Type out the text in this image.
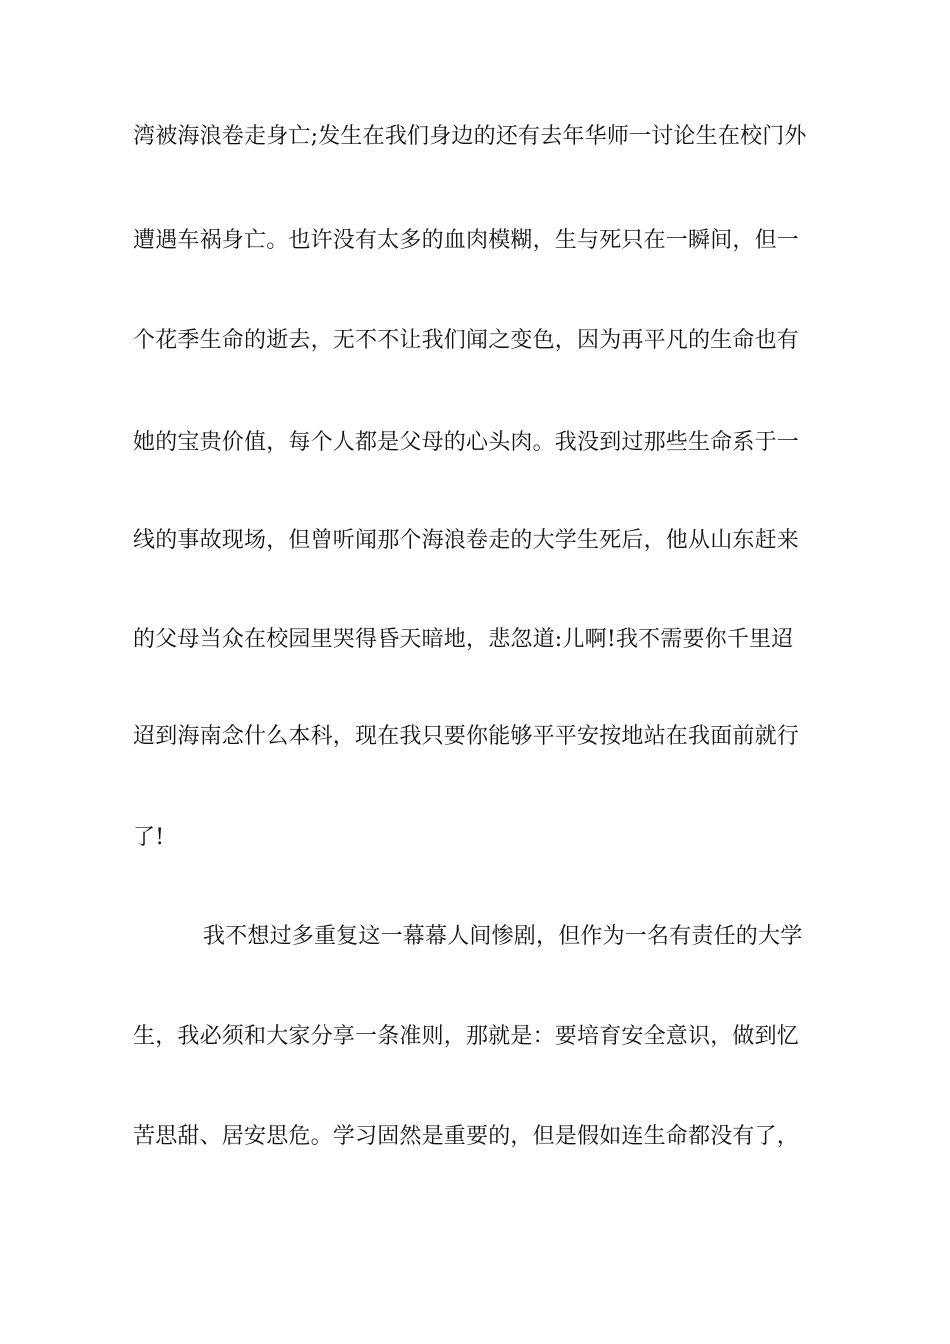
湾被海浪卷走身亡;发生在我们身边的还有去年华师一讨论生在校门外
遭遇车祸身亡。也许没有太多的血肉模糊，生与死只在一瞬间，但一
个花季生命的逝去，无不不让我们闻之变色，因为再平凡的生命也有
她的宝贵价值，每个人都是父母的心头肉。我没到过那些生命系于一
线的事故现场，但曾听闻那个海浪卷走的大学生死后，他从山东赶来
的父母当众在校园里哭得昏天暗地，悲忽道:儿啊!我不需要你千里迢
迢到海南念什么本科，现在我只要你能够平平安按地站在我面前就行
了!
我不想过多重复这一幕幕人间惨剧，但作为一名有责任的大学
生，我必须和大家分享一条准则，那就是：要培育安全意识，做到忆
苦思甜、居安思危。学习固然是重要的，但是假如连生命都没有了，
